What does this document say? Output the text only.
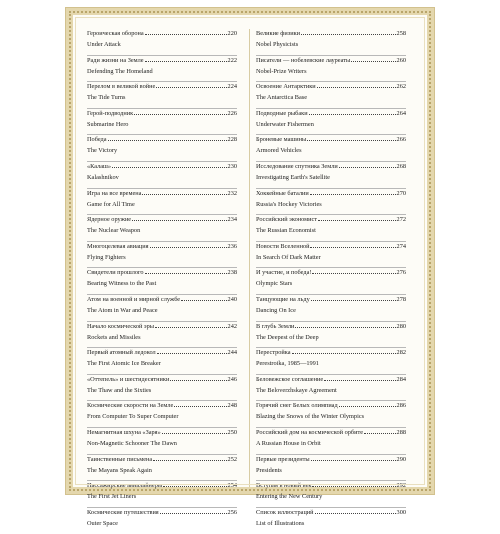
Героическая оборона	220
Under Attack
Ради жизни на Земле	222
Defending The Homeland
Перелом в великой войне	224
The Tide Turns
Герой-подводник	226
Submarine Hero
Победа	228
The Victory
«Калаш»	230
Kalashnikov
Игра на все времена	232
Game for All Time
Ядерное оружие	234
The Nuclear Weapon
Многоцелевая авиация	236
Flying Fighters
Свидетели прошлого	238
Bearing Witness to the Past
Атом на военной и мирной службе	240
The Atom in War and Peace
Начало космической эры	242
Rockets and Missiles
Первый атомный ледокол	244
The First Atomic Ice Breaker
«Оттепель» и шестидесятники	246
The Thaw and the Sixties
Космические скорости на Земле	248
From Computer To Super Computer
Немагнитная шхуна «Заря»	250
Non-Magnetic Schooner The Dawn
Таинственные письмена	252
The Mayans Speak Again
Пассажирские авиалайнеры	254
The First Jet Liners
Космические путешествия	256
Outer Space
Великие физики	258
Nobel Physicists
Писатели — нобелевские лауреаты	260
Nobel-Prize Writers
Освоение Антарктики	262
The Antarctica Base
Подводные рыбаки	264
Underwater Fishermen
Броневые машины	266
Armored Vehicles
Исследование спутника Земли	268
Investigating Earth's Satellite
Хоккейные баталии	270
Russia's Hockey Victories
Российский экономист	272
The Russian Economist
Новости Вселенной	274
In Search Of Dark Matter
И участие, и победа!	276
Olympic Stars
Танцующие на льду	278
Dancing On Ice
В глубь Земли	280
The Deepest of the Deep
Перестройка	282
Perestroika, 1985—1991
Беловежское соглашение	284
The Beloverzhskaye Agreement
Горячий снег Белых олимпиад	286
Blazing the Snows of the Winter Olympics
Российский дом на космической орбите	288
A Russian House in Orbit
Первые президенты	290
Presidents
Вступая в новый век	292
Entering the New Century
Список иллюстраций	300
List of Illustrations
